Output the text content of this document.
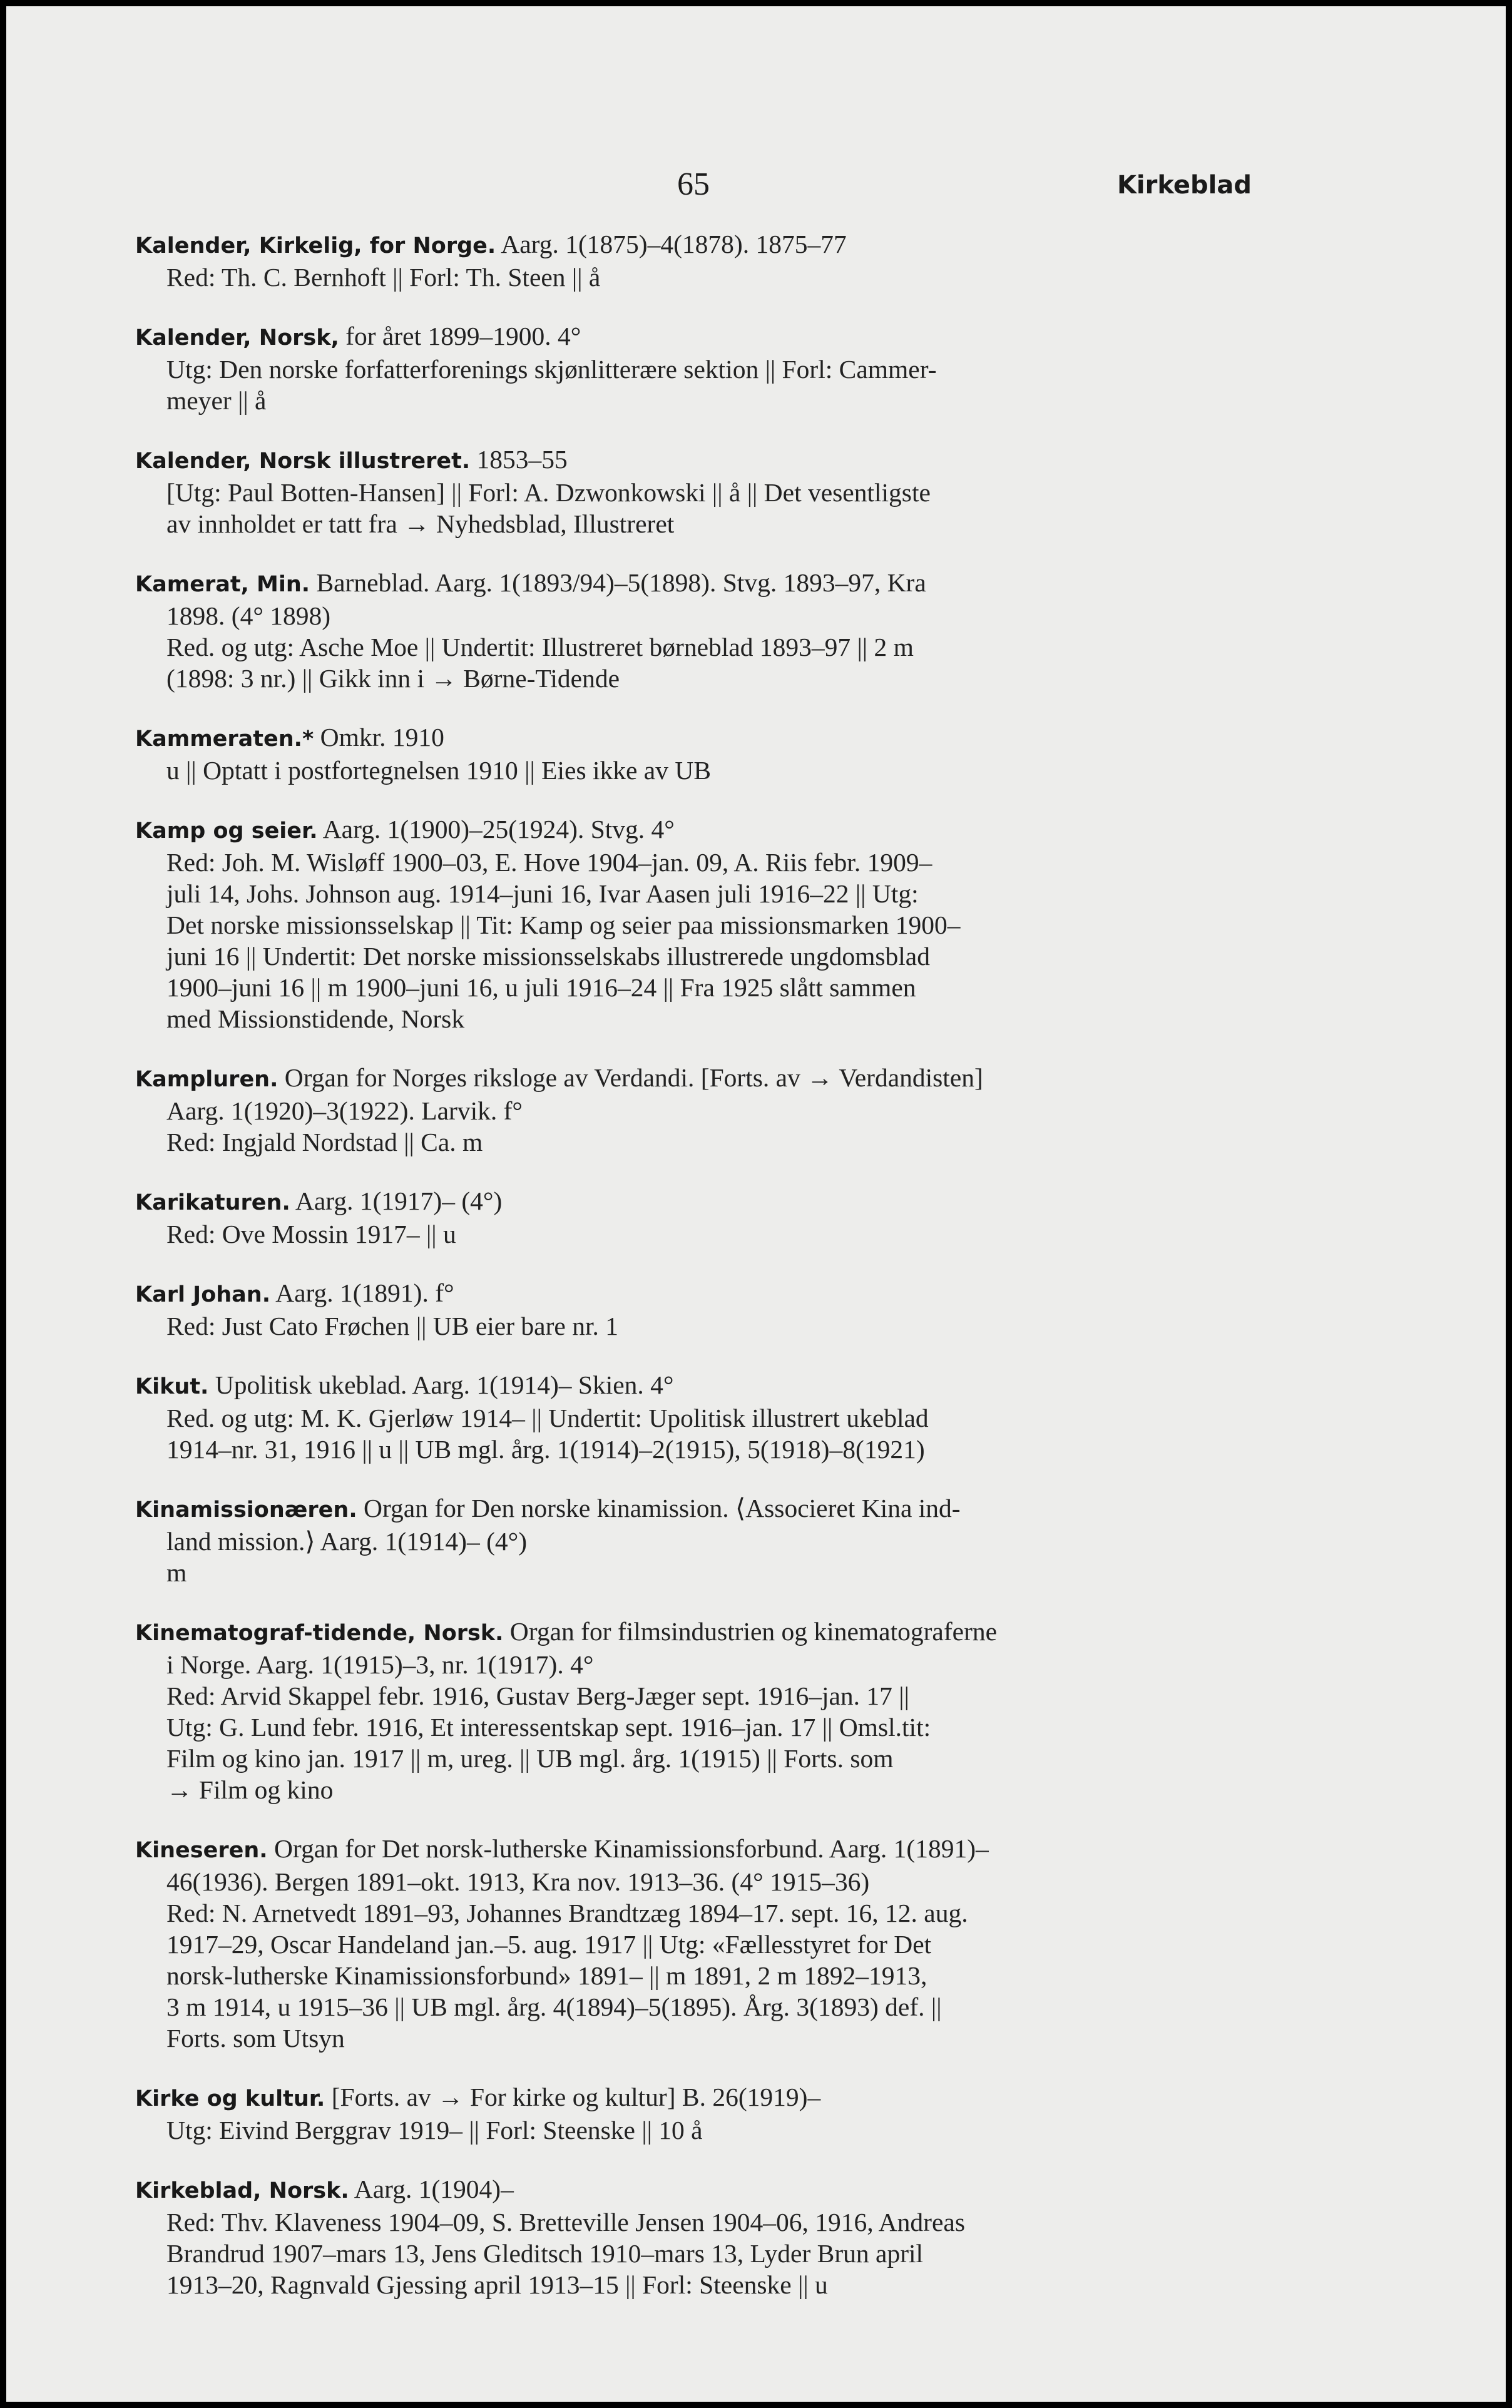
65	Kirkeblad
Kalender, Kirkelig, for Norge. Aarg. 1(1875)–4(1878). 1875–77
Red: Th. C. Bernhoft || Forl: Th. Steen || å
Kalender, Norsk, for året 1899–1900. 4°
Utg: Den norske forfatterforenings skjønlitterære sektion || Forl: Cammer-
meyer || å
Kalender, Norsk illustreret. 1853–55
[Utg: Paul Botten-Hansen] || Forl: A. Dzwonkowski || å || Det vesentligste
av innholdet er tatt fra → Nyhedsblad, Illustreret
Kamerat, Min. Barneblad. Aarg. 1(1893/94)–5(1898). Stvg. 1893–97, Kra
1898. (4° 1898)
Red. og utg: Asche Moe || Undertit: Illustreret børneblad 1893–97 || 2 m
(1898: 3 nr.) || Gikk inn i → Børne-Tidende
Kammeraten.* Omkr. 1910
u || Optatt i postfortegnelsen 1910 || Eies ikke av UB
Kamp og seier. Aarg. 1(1900)–25(1924). Stvg. 4°
Red: Joh. M. Wisløff 1900–03, E. Hove 1904–jan. 09, A. Riis febr. 1909–
juli 14, Johs. Johnson aug. 1914–juni 16, Ivar Aasen juli 1916–22 || Utg:
Det norske missionsselskap || Tit: Kamp og seier paa missionsmarken 1900–
juni 16 || Undertit: Det norske missionsselskabs illustrerede ungdomsblad
1900–juni 16 || m 1900–juni 16, u juli 1916–24 || Fra 1925 slått sammen
med Missionstidende, Norsk
Kampluren. Organ for Norges riksloge av Verdandi. [Forts. av → Verdandisten]
Aarg. 1(1920)–3(1922). Larvik. f°
Red: Ingjald Nordstad || Ca. m
Karikaturen. Aarg. 1(1917)– (4°)
Red: Ove Mossin 1917– || u
Karl Johan. Aarg. 1(1891). f°
Red: Just Cato Frøchen || UB eier bare nr. 1
Kikut. Upolitisk ukeblad. Aarg. 1(1914)– Skien. 4°
Red. og utg: M. K. Gjerløw 1914– || Undertit: Upolitisk illustrert ukeblad
1914–nr. 31, 1916 || u || UB mgl. årg. 1(1914)–2(1915), 5(1918)–8(1921)
Kinamissionæren. Organ for Den norske kinamission. ⟨Associeret Kina ind-
land mission.⟩ Aarg. 1(1914)– (4°)
m
Kinematograf-tidende, Norsk. Organ for filmsindustrien og kinematograferne
i Norge. Aarg. 1(1915)–3, nr. 1(1917). 4°
Red: Arvid Skappel febr. 1916, Gustav Berg-Jæger sept. 1916–jan. 17 ||
Utg: G. Lund febr. 1916, Et interessentskap sept. 1916–jan. 17 || Omsl.tit:
Film og kino jan. 1917 || m, ureg. || UB mgl. årg. 1(1915) || Forts. som
→ Film og kino
Kineseren. Organ for Det norsk-lutherske Kinamissionsforbund. Aarg. 1(1891)–
46(1936). Bergen 1891–okt. 1913, Kra nov. 1913–36. (4° 1915–36)
Red: N. Arnetvedt 1891–93, Johannes Brandtzæg 1894–17. sept. 16, 12. aug.
1917–29, Oscar Handeland jan.–5. aug. 1917 || Utg: «Fællesstyret for Det
norsk-lutherske Kinamissionsforbund» 1891– || m 1891, 2 m 1892–1913,
3 m 1914, u 1915–36 || UB mgl. årg. 4(1894)–5(1895). Årg. 3(1893) def. ||
Forts. som Utsyn
Kirke og kultur. [Forts. av → For kirke og kultur] B. 26(1919)–
Utg: Eivind Berggrav 1919– || Forl: Steenske || 10 å
Kirkeblad, Norsk. Aarg. 1(1904)–
Red: Thv. Klaveness 1904–09, S. Bretteville Jensen 1904–06, 1916, Andreas
Brandrud 1907–mars 13, Jens Gleditsch 1910–mars 13, Lyder Brun april
1913–20, Ragnvald Gjessing april 1913–15 || Forl: Steenske || u
